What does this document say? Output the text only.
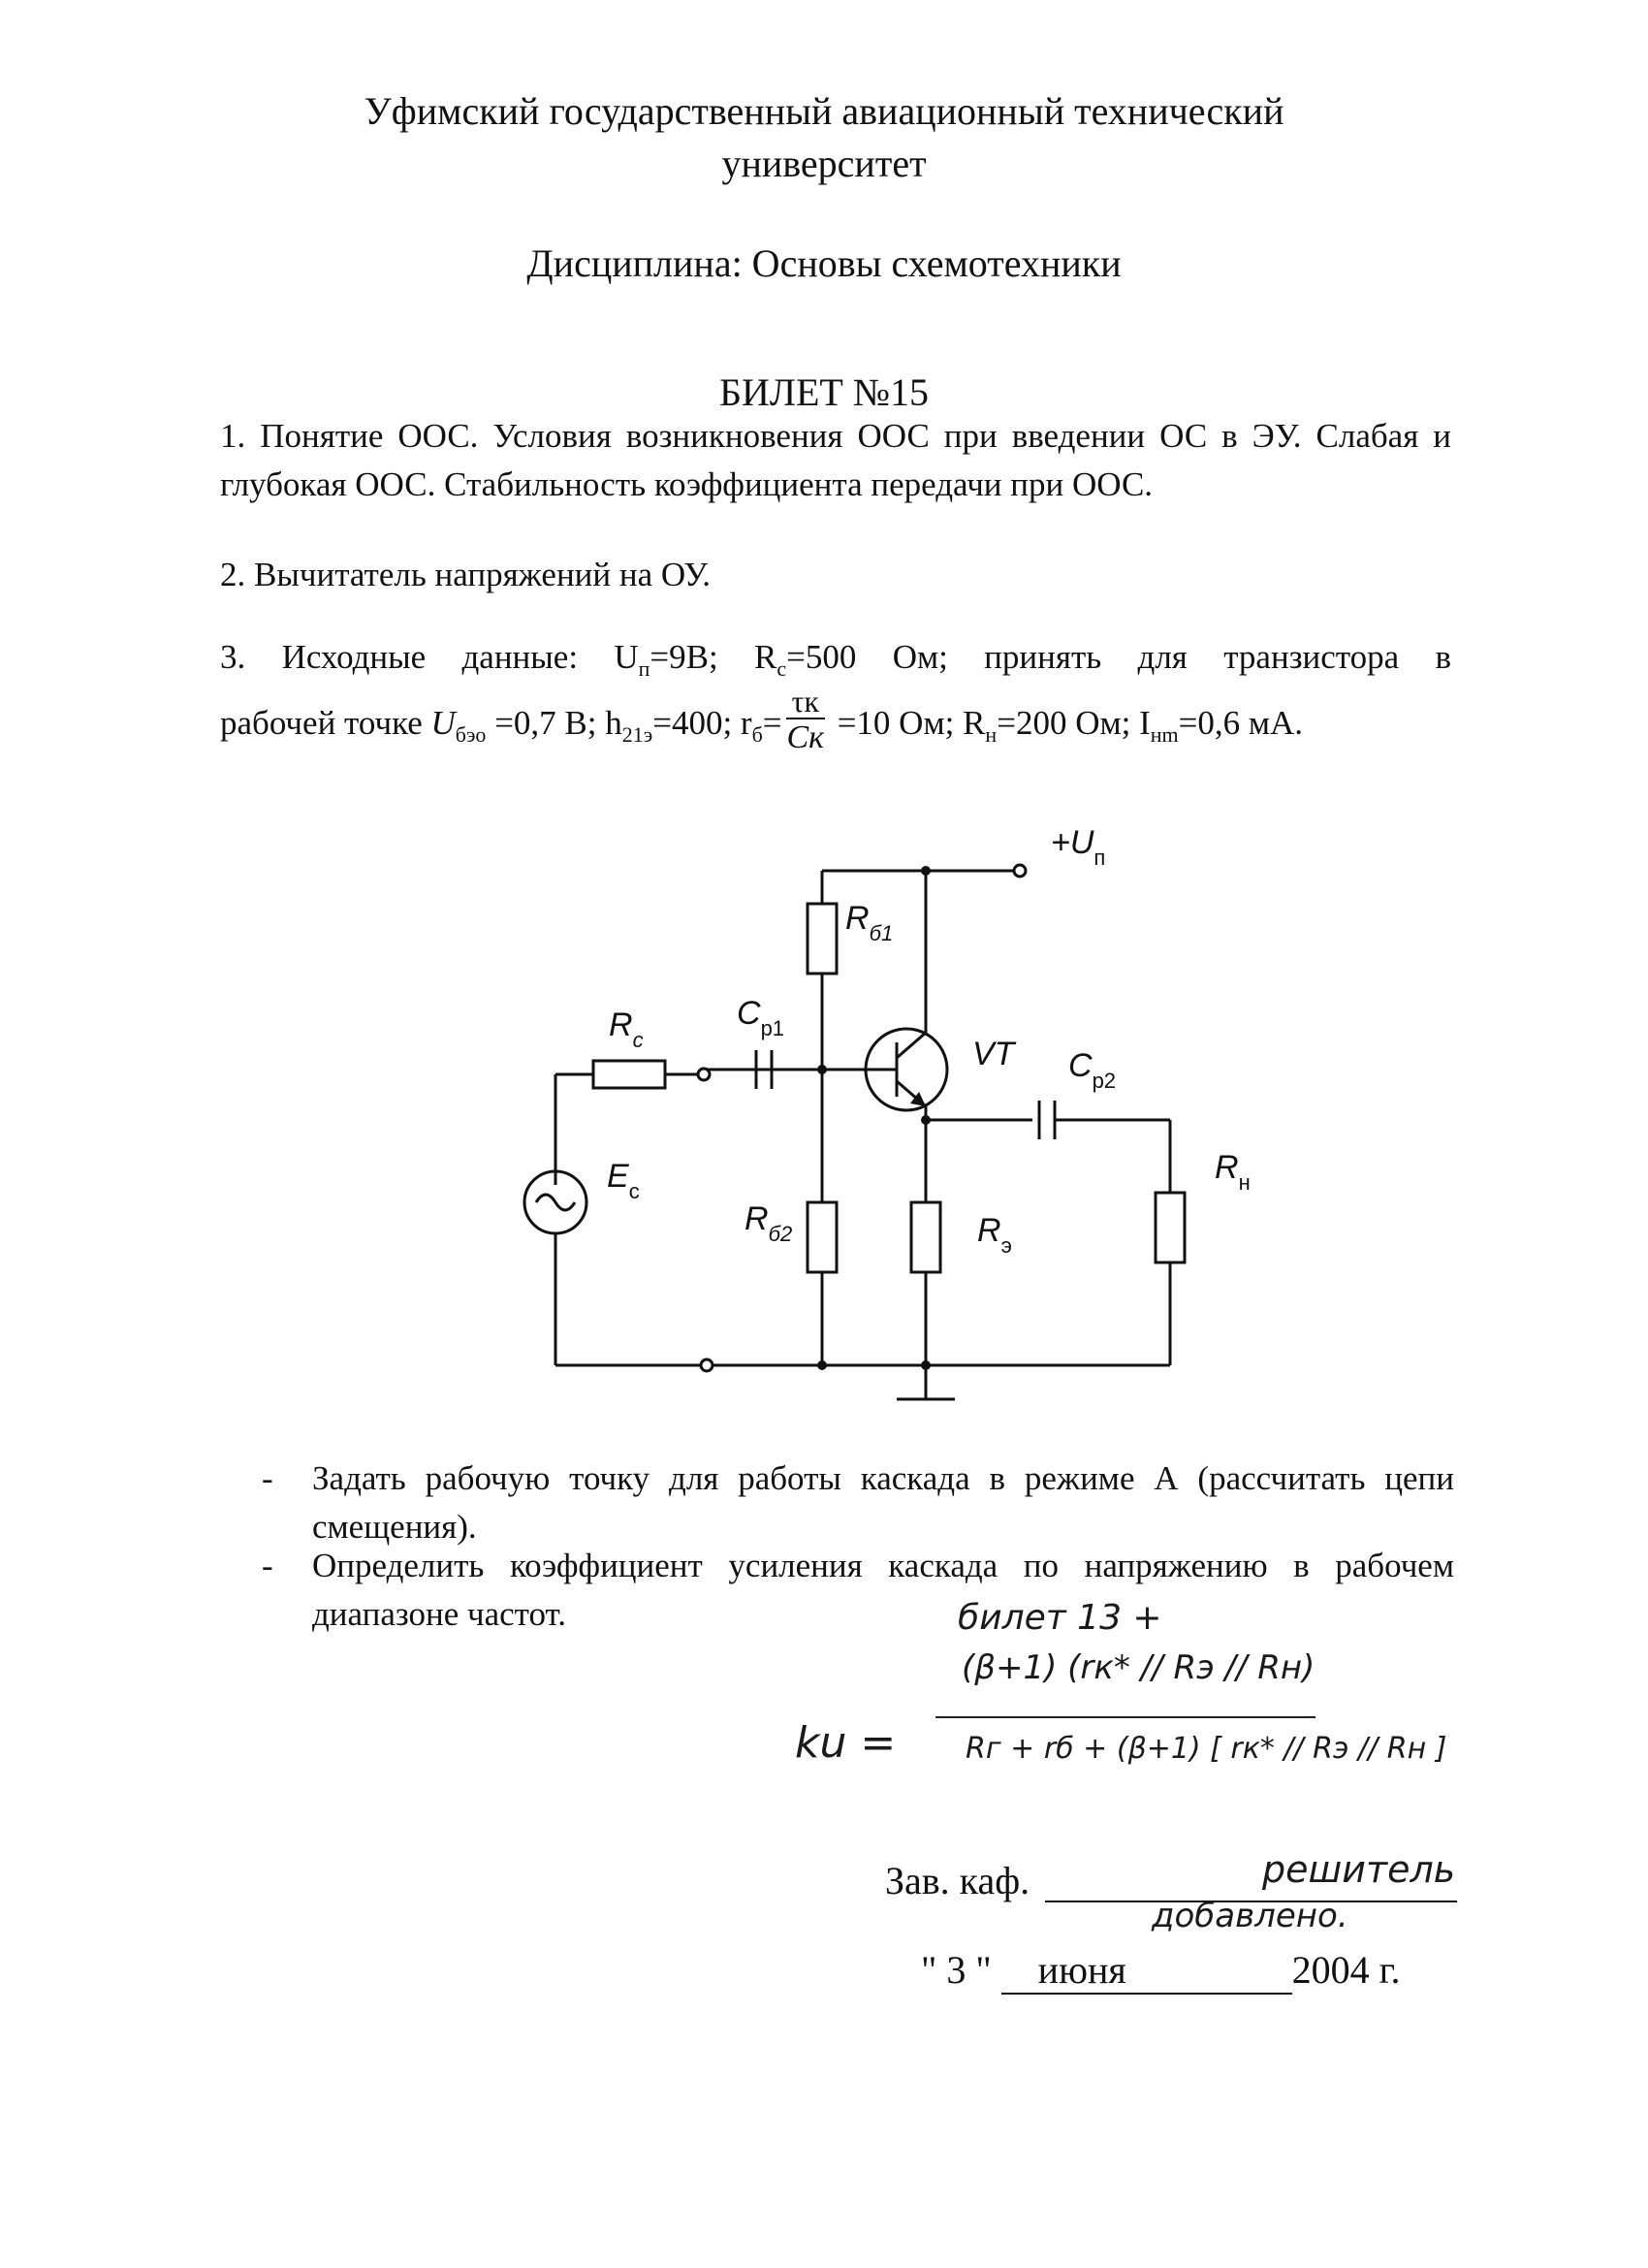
Уфимский государственный авиационный технический
университет
Дисциплина: Основы схемотехники
БИЛЕТ №15
1. Понятие ООС. Условия возникновения ООС при введении ОС в ЭУ. Слабая и глубокая ООС. Стабильность коэффициента передачи при ООС.
2. Вычитатель напряжений на ОУ.
3. Исходные данные: $U_п=9В$; $R_с=500$ Ом; принять для транзистора в
рабочей точке $U_{бэо} =0,7$ В; $h_{21э}=400$; $r_б= \frac{\tau к}{Cк} =10$ Ом; $R_н=200$ Ом; $I_{нm}=0,6$ мА.
$+U_п$
$R_{б1}$
$R_c$
$C_{p1}$
VT $C_{p2}$
$E_c$
$R_н$
$R_{б2}$	$R_э$
- Задать рабочую точку для работы каскада в режиме А (рассчитать цепи смещения).
- Определить коэффициент усиления каскада по напряжению в рабочем диапазоне частот.	билет 13 +
ku =
(β+1) (rк* // Rэ // Rн)
Rг + rб + (β+1) [ rк* // Rэ // Rн ]
Зав. каф.	решитель
добавлено.
" 3 " июня	2004 г.
